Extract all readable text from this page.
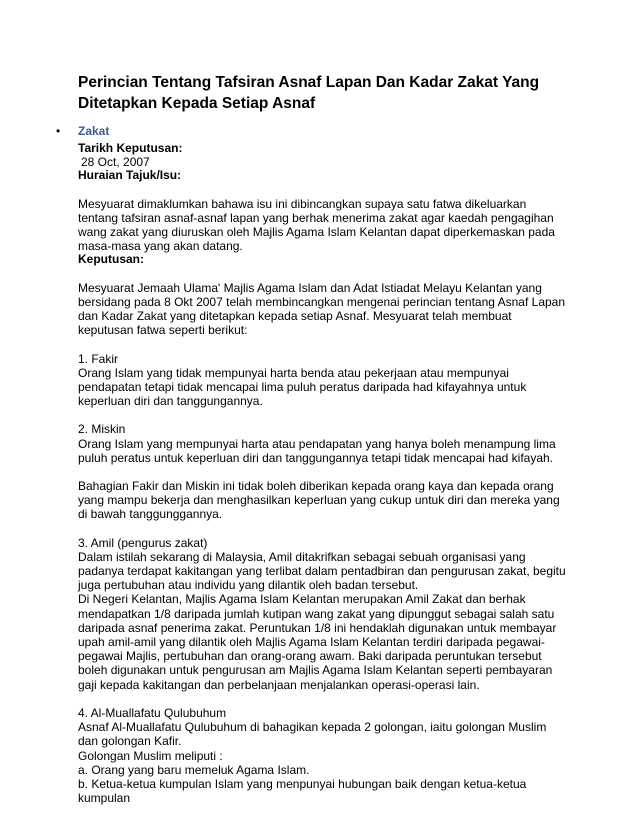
Perincian Tentang Tafsiran Asnaf Lapan Dan Kadar Zakat Yang
Ditetapkan Kepada Setiap Asnaf
• Zakat
Tarikh Keputusan:
28 Oct, 2007
Huraian Tajuk/Isu:

Mesyuarat dimaklumkan bahawa isu ini dibincangkan supaya satu fatwa dikeluarkan tentang tafsiran asnaf-asnaf lapan yang berhak menerima zakat agar kaedah pengagihan wang zakat yang diuruskan oleh Majlis Agama Islam Kelantan dapat diperkemaskan pada masa-masa yang akan datang.

Keputusan:

Mesyuarat Jemaah Ulama' Majlis Agama Islam dan Adat Istiadat Melayu Kelantan yang bersidang pada 8 Okt 2007 telah membincangkan mengenai perincian tentang Asnaf Lapan dan Kadar Zakat yang ditetapkan kepada setiap Asnaf. Mesyuarat telah membuat keputusan fatwa seperti berikut:

1. Fakir

Orang Islam yang tidak mempunyai harta benda atau pekerjaan atau mempunyai pendapatan tetapi tidak mencapai lima puluh peratus daripada had kifayahnya untuk keperluan diri dan tanggungannya.

2. Miskin

Orang Islam yang mempunyai harta atau pendapatan yang hanya boleh menampung lima puluh peratus untuk keperluan diri dan tanggungannya tetapi tidak mencapai had kifayah.

Bahagian Fakir dan Miskin ini tidak boleh diberikan kepada orang kaya dan kepada orang yang mampu bekerja dan menghasilkan keperluan yang cukup untuk diri dan mereka yang di bawah tanggunggannya.

3. Amil (pengurus zakat)

Dalam istilah sekarang di Malaysia, Amil ditakrifkan sebagai sebuah organisasi yang padanya terdapat kakitangan yang terlibat dalam pentadbiran dan pengurusan zakat, begitu juga pertubuhan atau individu yang dilantik oleh badan tersebut.

Di Negeri Kelantan, Majlis Agama Islam Kelantan merupakan Amil Zakat dan berhak mendapatkan 1/8 daripada jumlah kutipan wang zakat yang dipunggut sebagai salah satu daripada asnaf penerima zakat. Peruntukan 1/8 ini hendaklah digunakan untuk membayar upah amil-amil yang dilantik oleh Majlis Agama Islam Kelantan terdiri daripada pegawai-pegawai Majlis, pertubuhan dan orang-orang awam. Baki daripada peruntukan tersebut boleh digunakan untuk pengurusan am Majlis Agama Islam Kelantan seperti pembayaran gaji kepada kakitangan dan perbelanjaan menjalankan operasi-operasi lain.

4. Al-Muallafatu Qulubuhum

Asnaf Al-Muallafatu Qulubuhum di bahagikan kepada 2 golongan, iaitu golongan Muslim dan golongan Kafir.

Golongan Muslim meliputi :
a. Orang yang baru memeluk Agama Islam.
b. Ketua-ketua kumpulan Islam yang menpunyai hubungan baik dengan ketua-ketua kumpulan
